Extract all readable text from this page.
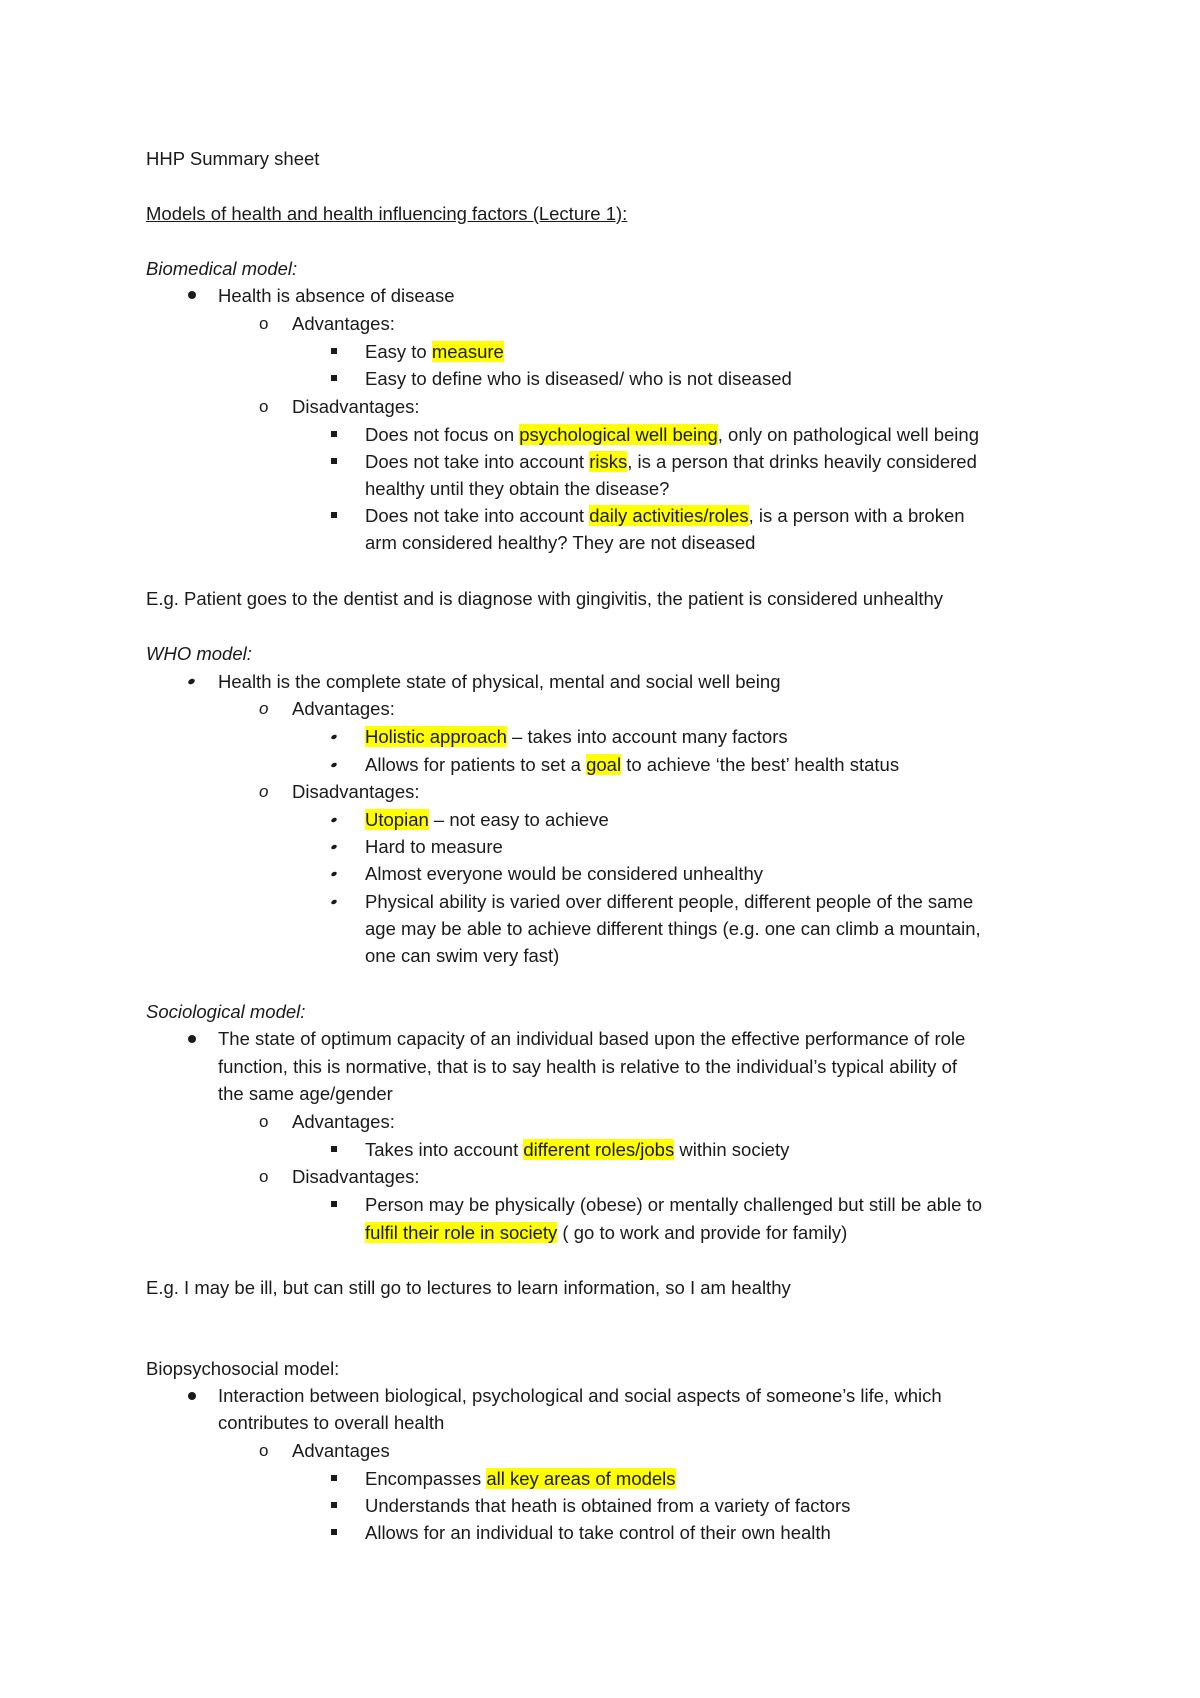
HHP Summary sheet
Models of health and health influencing factors (Lecture 1):
Biomedical model:
Health is absence of disease
o Advantages:
Easy to measure
Easy to define who is diseased/ who is not diseased
o Disadvantages:
Does not focus on psychological well being, only on pathological well being
Does not take into account risks, is a person that drinks heavily considered
healthy until they obtain the disease?
Does not take into account daily activities/roles, is a person with a broken
arm considered healthy? They are not diseased
E.g. Patient goes to the dentist and is diagnose with gingivitis, the patient is considered unhealthy
WHO model:
Health is the complete state of physical, mental and social well being
o Advantages:
Holistic approach – takes into account many factors
Allows for patients to set a goal to achieve ‘the best’ health status
o Disadvantages:
Utopian – not easy to achieve
Hard to measure
Almost everyone would be considered unhealthy
Physical ability is varied over different people, different people of the same
age may be able to achieve different things (e.g. one can climb a mountain,
one can swim very fast)
Sociological model:
The state of optimum capacity of an individual based upon the effective performance of role
function, this is normative, that is to say health is relative to the individual’s typical ability of
the same age/gender
o Advantages:
Takes into account different roles/jobs within society
o Disadvantages:
Person may be physically (obese) or mentally challenged but still be able to
fulfil their role in society ( go to work and provide for family)
E.g. I may be ill, but can still go to lectures to learn information, so I am healthy
Biopsychosocial model:
Interaction between biological, psychological and social aspects of someone’s life, which
contributes to overall health
o Advantages
Encompasses all key areas of models
Understands that heath is obtained from a variety of factors
Allows for an individual to take control of their own health
